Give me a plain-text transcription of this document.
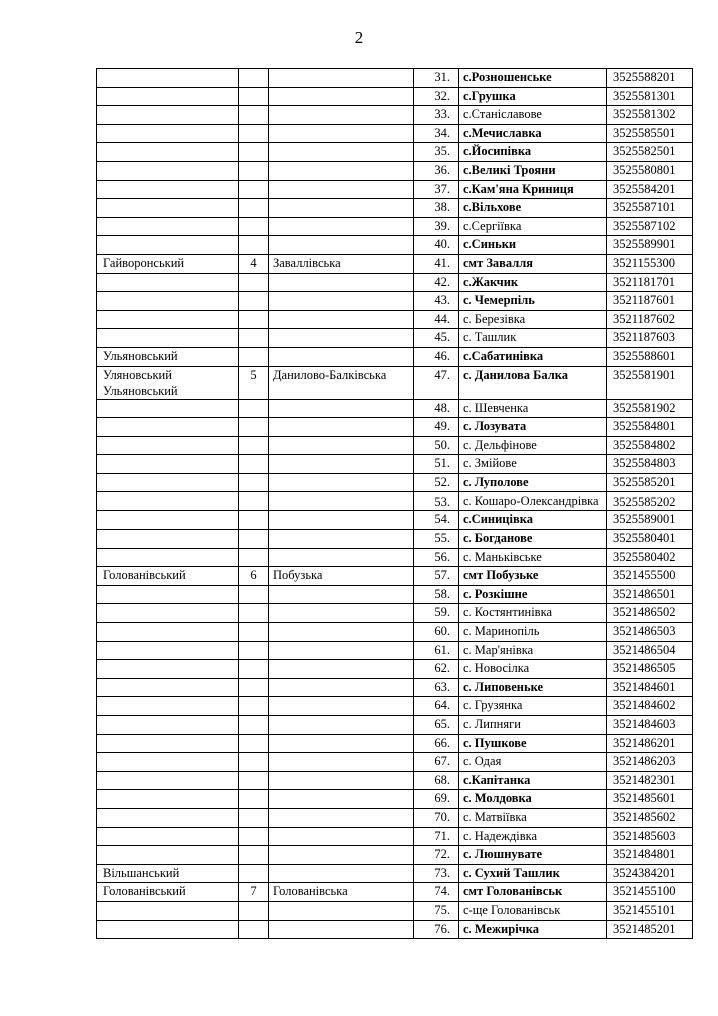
2
			31.	с.Розношенське	3525588201
			32.	с.Грушка	3525581301
			33.	с.Станіславове	3525581302
			34.	с.Мечиславка	3525585501
			35.	с.Йосипівка	3525582501
			36.	с.Великі Трояни	3525580801
			37.	с.Кам'яна Криниця	3525584201
			38.	с.Вільхове	3525587101
			39.	с.Сергіївка	3525587102
			40.	с.Синьки	3525589901
Гайворонський	4	Заваллівська	41.	смт Завалля	3521155300
			42.	с.Жакчик	3521181701
			43.	с. Чемерпіль	3521187601
			44.	с. Березівка	3521187602
			45.	с. Ташлик	3521187603
Ульяновський			46.	с.Сабатинівка	3525588601
Уляновський Ульяновський	5	Данилово-Балківська	47.	с. Данилова Балка	3525581901
			48.	с. Шевченка	3525581902
			49.	с. Лозувата	3525584801
			50.	с. Дельфінове	3525584802
			51.	с. Змійове	3525584803
			52.	с. Луполове	3525585201
			53.	с. Кошаро-Олександрівка	3525585202
			54.	с.Синицівка	3525589001
			55.	с. Богданове	3525580401
			56.	с. Маньківське	3525580402
Голованівський	6	Побузька	57.	смт Побузьке	3521455500
			58.	с. Розкішне	3521486501
			59.	с. Костянтинівка	3521486502
			60.	с. Маринопіль	3521486503
			61.	с. Мар'янівка	3521486504
			62.	с. Новосілка	3521486505
			63.	с. Липовеньке	3521484601
			64.	с. Грузянка	3521484602
			65.	с. Липняги	3521484603
			66.	с. Пушкове	3521486201
			67.	с. Одая	3521486203
			68.	с.Капітанка	3521482301
			69.	с. Молдовка	3521485601
			70.	с. Матвіївка	3521485602
			71.	с. Надеждівка	3521485603
			72.	с. Люшнувате	3521484801
Вільшанський			73.	с. Сухий Ташлик	3524384201
Голованівський	7	Голованівська	74.	смт Голованівськ	3521455100
			75.	с-ще Голованівськ	3521455101
			76.	с. Межирічка	3521485201
